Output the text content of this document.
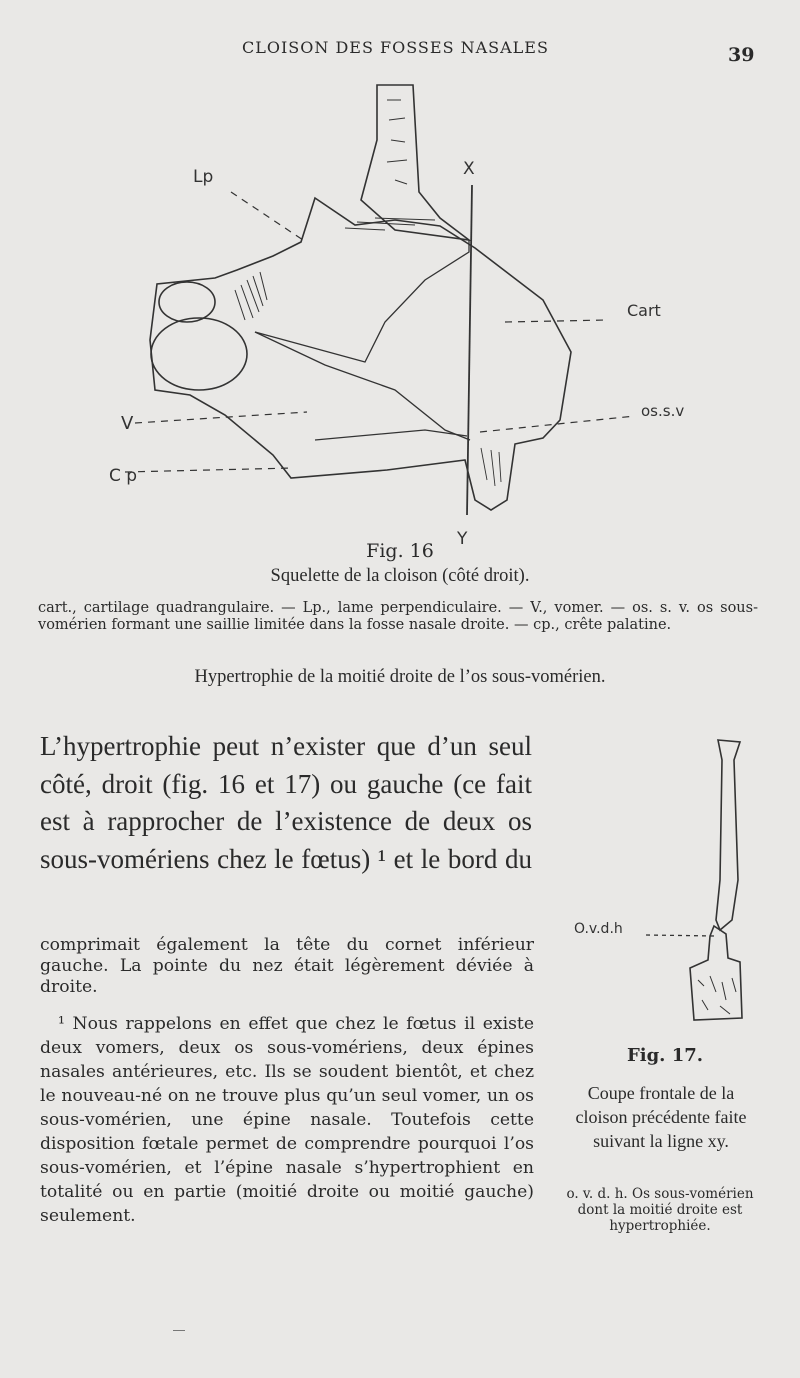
CLOISON DES FOSSES NASALES	39
Lp	X
Cart
V
os.s.v
C p
Y
Fig. 16
Squelette de la cloison (côté droit).
cart., cartilage quadrangulaire. — Lp., lame perpendiculaire. — V., vomer. — os. s. v. os sous-vomérien formant une saillie limitée dans la fosse nasale droite. — cp., crête palatine.
Hypertrophie de la moitié droite de l’os sous-vomérien.
L’hypertrophie peut n’exister que d’un seul côté, droit (fig. 16 et 17) ou gauche (ce fait est à rapprocher de l’existence de deux os sous-vomériens chez le fœtus) ¹ et le bord du
comprimait également la tête du cornet inférieur gauche. La pointe du nez était légèrement déviée à droite.
¹ Nous rappelons en effet que chez le fœtus il existe deux vomers, deux os sous-vomériens, deux épines nasales antérieures, etc. Ils se soudent bientôt, et chez le nouveau-né on ne trouve plus qu’un seul vomer, un os sous-vomérien, une épine nasale. Toutefois cette disposition fœtale permet de comprendre pourquoi l’os sous-vomérien, et l’épine nasale s’hypertrophient en totalité ou en partie (moitié droite ou moitié gauche) seulement.
O.v.d.h
Fig. 17.
Coupe frontale de la cloison précédente faite suivant la ligne xy.
o. v. d. h. Os sous-vomérien dont la moitié droite est hypertrophiée.
